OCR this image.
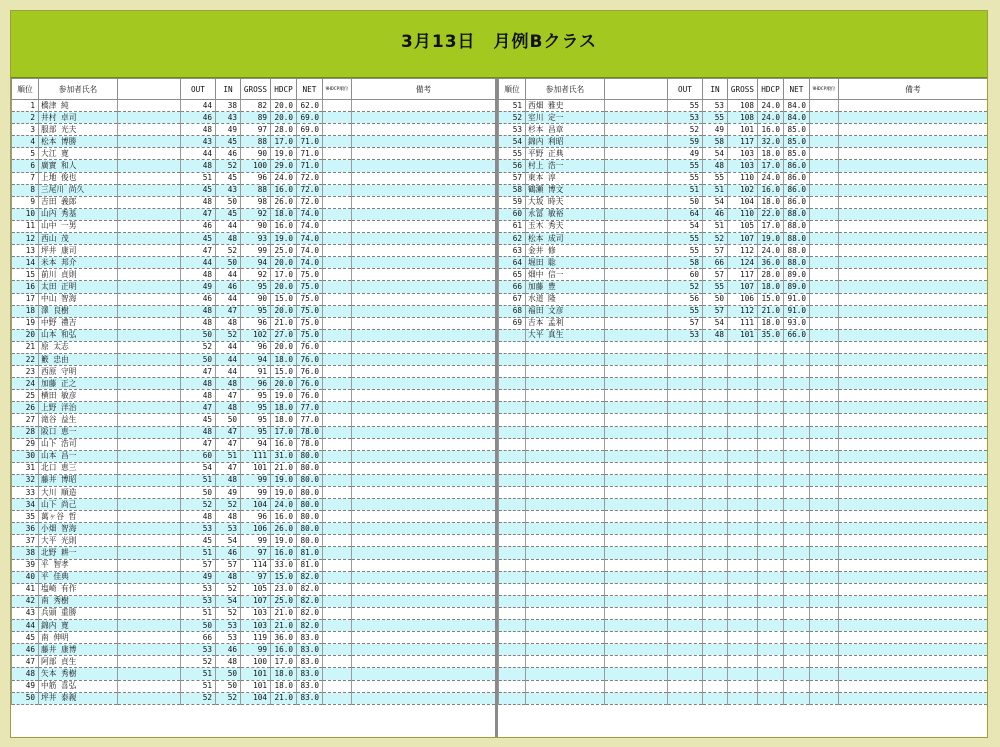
3月13日　月例Bクラス
順位	参加者氏名		OUT	IN	GROSS	HDCP	NET	9HDCP順位	備考
1	橋津 純		44	38	82	20.0	62.0		
2	井村 卓司		46	43	89	20.0	69.0		
3	服部 光夫		48	49	97	28.0	69.0		
4	松本 博勝		43	45	88	17.0	71.0		
5	大江 寛		44	46	90	19.0	71.0		
6	廣實 和人		48	52	100	29.0	71.0		
7	上地 俊也		51	45	96	24.0	72.0		
8	三尾川 尚久		45	43	88	16.0	72.0		
9	吉田 義郎		48	50	98	26.0	72.0		
10	山内 秀基		47	45	92	18.0	74.0		
11	山中 一男		46	44	90	16.0	74.0		
12	西山 茂		45	48	93	19.0	74.0		
13	坪井 康司		47	52	99	25.0	74.0		
14	米本 邦介		44	50	94	20.0	74.0		
15	前川 貞則		48	44	92	17.0	75.0		
16	太田 正明		49	46	95	20.0	75.0		
17	中山 智海		46	44	90	15.0	75.0		
18	澤 良樹		48	47	95	20.0	75.0		
19	中野 禮吉		48	48	96	21.0	75.0		
20	山本 和弘		50	52	102	27.0	75.0		
21	原 太志		52	44	96	20.0	76.0		
22	籔 忠由		50	44	94	18.0	76.0		
23	西原 守明		47	44	91	15.0	76.0		
24	加藤 正之		48	48	96	20.0	76.0		
25	横田 敏彦		48	47	95	19.0	76.0		
26	上野 洋治		47	48	95	18.0	77.0		
27	滝谷 益生		45	50	95	18.0	77.0		
28	阪口 恵一		48	47	95	17.0	78.0		
29	山下 浩司		47	47	94	16.0	78.0		
30	山本 昌一		60	51	111	31.0	80.0		
31	北口 恵三		54	47	101	21.0	80.0		
32	藤井 博昭		51	48	99	19.0	80.0		
33	大川 順造		50	49	99	19.0	80.0		
34	山下 尚己		52	52	104	24.0	80.0		
35	萬ヶ谷 哲		48	48	96	16.0	80.0		
36	小畑 智海		53	53	106	26.0	80.0		
37	大平 光則		45	54	99	19.0	80.0		
38	北野 耕一		51	46	97	16.0	81.0		
39	平 智孝		57	57	114	33.0	81.0		
40	平 佳典		49	48	97	15.0	82.0		
41	塩崎 有作		53	52	105	23.0	82.0		
42	南 秀樹		53	54	107	25.0	82.0		
43	兵頭 重勝		51	52	103	21.0	82.0		
44	錦内 寛		50	53	103	21.0	82.0		
45	南 伸明		66	53	119	36.0	83.0		
46	藤井 康博		53	46	99	16.0	83.0		
47	阿部 貞生		52	48	100	17.0	83.0		
48	矢本 秀樹		51	50	101	18.0	83.0		
49	中筋 喜弘		51	50	101	18.0	83.0		
50	坪井 泰親		52	52	104	21.0	83.0		
順位	参加者氏名		OUT	IN	GROSS	HDCP	NET	9HDCP順位	備考
51	西畑 雅史		55	53	108	24.0	84.0		
52	室川 定一		53	55	108	24.0	84.0		
53	杉本 昌章		52	49	101	16.0	85.0		
54	錦内 利昭		59	58	117	32.0	85.0		
55	平野 正典		49	54	103	18.0	85.0		
56	村上 浩一		55	48	103	17.0	86.0		
57	東本 淳		55	55	110	24.0	86.0		
58	鶴瀬 博文		51	51	102	16.0	86.0		
59	大坂 時夫		50	54	104	18.0	86.0		
60	永冨 敏裕		64	46	110	22.0	88.0		
61	玉木 秀夫		54	51	105	17.0	88.0		
62	松本 成司		55	52	107	19.0	88.0		
63	金井 修		55	57	112	24.0	88.0		
64	堀田 聡		58	66	124	36.0	88.0		
65	畑中 信一		60	57	117	28.0	89.0		
66	加藤 豊		52	55	107	18.0	89.0		
67	水道 隆		56	50	106	15.0	91.0		
68	福田 文彦		55	57	112	21.0	91.0		
69	吉本 孟利		57	54	111	18.0	93.0		
	大平 真生		53	48	101	35.0	66.0		
